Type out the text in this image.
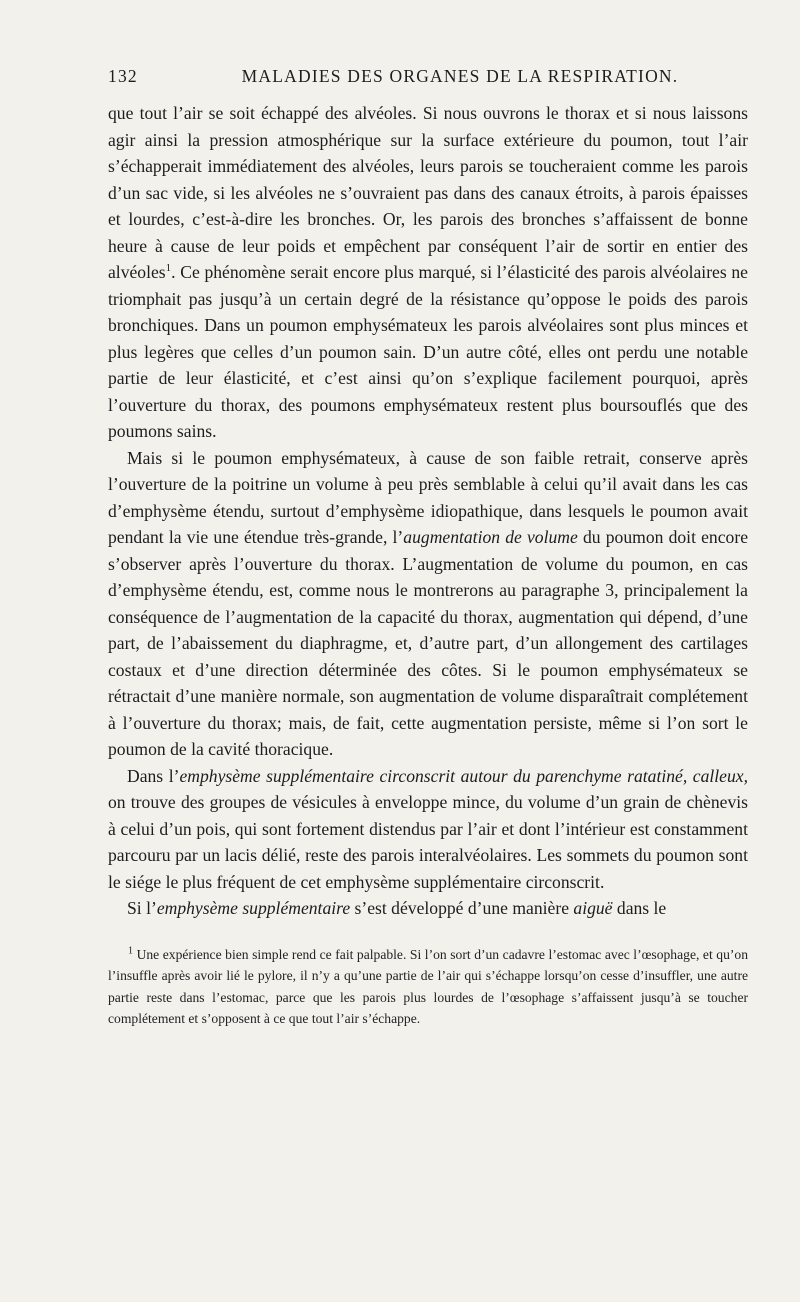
132	MALADIES DES ORGANES DE LA RESPIRATION.

que tout l’air se soit échappé des alvéoles. Si nous ouvrons le thorax et si nous laissons agir ainsi la pression atmosphérique sur la surface extérieure du poumon, tout l’air s’échapperait immédiatement des alvéoles, leurs parois se toucheraient comme les parois d’un sac vide, si les alvéoles ne s’ouvraient pas dans des canaux étroits, à parois épaisses et lourdes, c’est-à-dire les bronches. Or, les parois des bronches s’affaissent de bonne heure à cause de leur poids et empêchent par conséquent l’air de sortir en entier des alvéoles$^1$. Ce phénomène serait encore plus marqué, si l’élasticité des parois alvéolaires ne triomphait pas jusqu’à un certain degré de la résistance qu’oppose le poids des parois bronchiques. Dans un poumon emphysémateux les parois alvéolaires sont plus minces et plus legères que celles d’un poumon sain. D’un autre côté, elles ont perdu une notable partie de leur élasticité, et c’est ainsi qu’on s’explique facilement pourquoi, après l’ouverture du thorax, des poumons emphysémateux restent plus boursouflés que des poumons sains.

Mais si le poumon emphysémateux, à cause de son faible retrait, conserve après l’ouverture de la poitrine un volume à peu près semblable à celui qu’il avait dans les cas d’emphysème étendu, surtout d’emphysème idiopathique, dans lesquels le poumon avait pendant la vie une étendue très-grande, l’augmentation de volume du poumon doit encore s’observer après l’ouverture du thorax. L’augmentation de volume du poumon, en cas d’emphysème étendu, est, comme nous le montrerons au paragraphe 3, principalement la conséquence de l’augmentation de la capacité du thorax, augmentation qui dépend, d’une part, de l’abaissement du diaphragme, et, d’autre part, d’un allongement des cartilages costaux et d’une direction déterminée des côtes. Si le poumon emphysémateux se rétractait d’une manière normale, son augmentation de volume disparaîtrait complétement à l’ouverture du thorax; mais, de fait, cette augmentation persiste, même si l’on sort le poumon de la cavité thoracique.

Dans l’emphysème supplémentaire circonscrit autour du parenchyme ratatiné, calleux, on trouve des groupes de vésicules à enveloppe mince, du volume d’un grain de chènevis à celui d’un pois, qui sont fortement distendus par l’air et dont l’intérieur est constamment parcouru par un lacis délié, reste des parois interalvéolaires. Les sommets du poumon sont le siége le plus fréquent de cet emphysème supplémentaire circonscrit.

Si l’emphysème supplémentaire s’est développé d’une manière aiguë dans le

$^1$ Une expérience bien simple rend ce fait palpable. Si l’on sort d’un cadavre l’estomac avec l’œsophage, et qu’on l’insuffle après avoir lié le pylore, il n’y a qu’une partie de l’air qui s’échappe lorsqu’on cesse d’insuffler, une autre partie reste dans l’estomac, parce que les parois plus lourdes de l’œsophage s’affaissent jusqu’à se toucher complétement et s’opposent à ce que tout l’air s’échappe.
